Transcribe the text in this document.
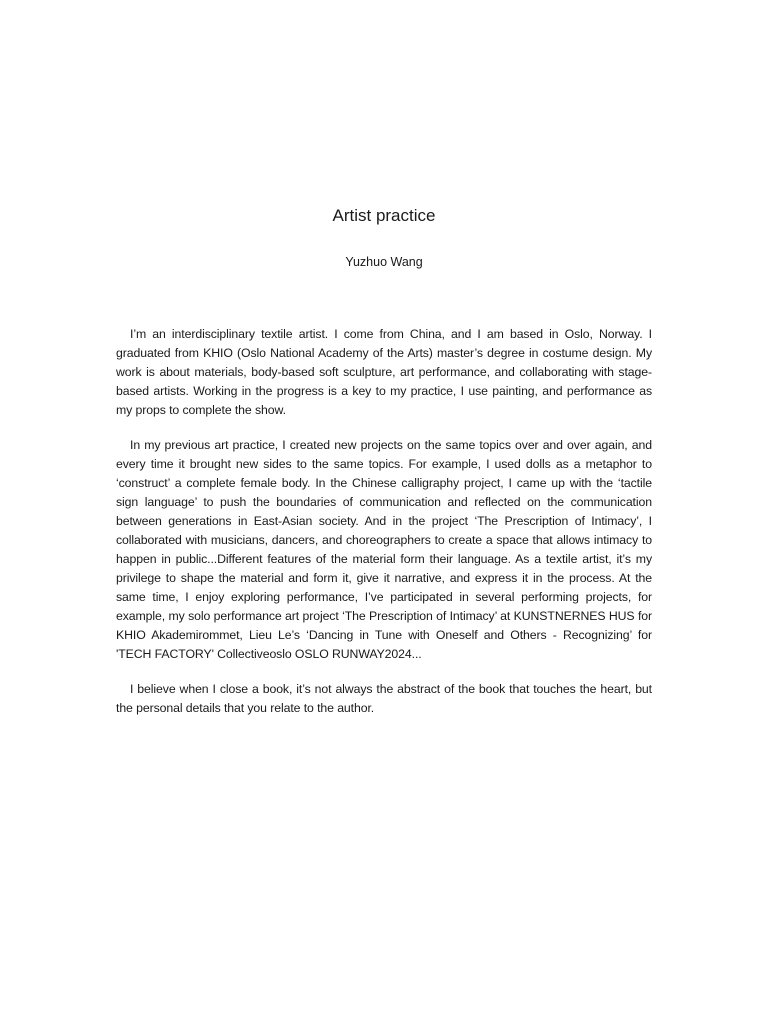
Artist practice
Yuzhuo Wang

I’m an interdisciplinary textile artist. I come from China, and I am based in Oslo, Norway. I graduated from KHIO (Oslo National Academy of the Arts) master’s degree in costume design. My work is about materials, body-based soft sculpture, art performance, and collaborating with stage-based artists. Working in the progress is a key to my practice, I use painting, and performance as my props to complete the show.

In my previous art practice, I created new projects on the same topics over and over again, and every time it brought new sides to the same topics. For example, I used dolls as a metaphor to ‘construct’ a complete female body. In the Chinese calligraphy project, I came up with the ‘tactile sign language’ to push the boundaries of communication and reflected on the communication between generations in East-Asian society. And in the project ‘The Prescription of Intimacy’, I collaborated with musicians, dancers, and choreographers to create a space that allows intimacy to happen in public...Different features of the material form their language. As a textile artist, it’s my privilege to shape the material and form it, give it narrative, and express it in the process. At the same time, I enjoy exploring performance, I’ve participated in several performing projects, for example, my solo performance art project ‘The Prescription of Intimacy’ at KUNSTNERNES HUS for KHIO Akademirommet, Lieu Le’s ‘Dancing in Tune with Oneself and Others - Recognizing’ for 'TECH FACTORY' Collectiveoslo OSLO RUNWAY2024...

I believe when I close a book, it’s not always the abstract of the book that touches the heart, but the personal details that you relate to the author.
